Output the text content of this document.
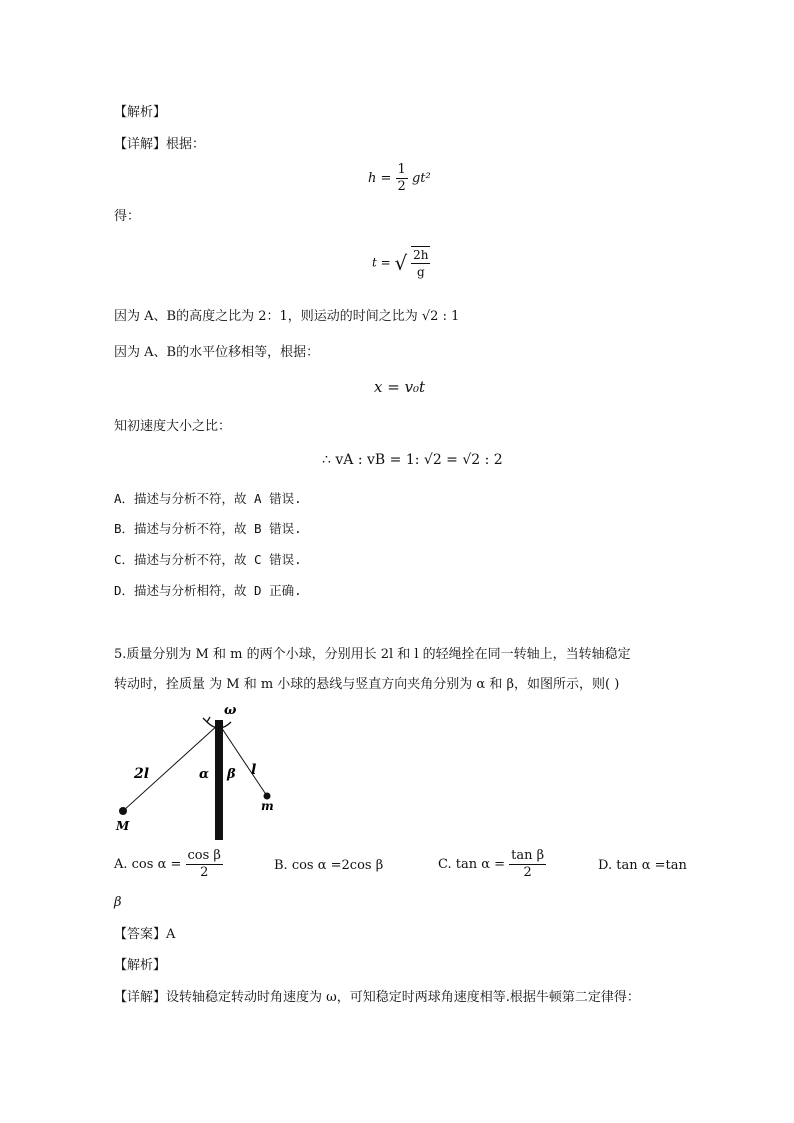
【解析】
【详解】根据：
$h = \frac{1}{2} gt^2$
得：
t = √ $\frac{2h}{g}$
因为 A、B的高度之比为 2：1，则运动的时间之比为 √2 : 1
因为 A、B的水平位移相等，根据：
x = v₀t
知初速度大小之比：
∴ vA : vB = 1: √2 = √2 : 2
A．描述与分析不符，故 A 错误.
B．描述与分析不符，故 B 错误.
C．描述与分析不符，故 C 错误.
D．描述与分析相符，故 D 正确.
5.质量分别为 M 和 m 的两个小球，分别用长 2l 和 l 的轻绳拴在同一转轴上，当转轴稳定
转动时，拴质量 为 M 和 m 小球的悬线与竖直方向夹角分别为 α 和 β，如图所示，则( )
ω
2l	l
α β
M
m
A. $\cos \alpha = \frac{\text{cos β}}{2}$	B. cos α =2cos β	C. $\tan \alpha = \frac{\text{tan β}}{2}$	D. tan α =tan
β
【答案】A
【解析】
【详解】设转轴稳定转动时角速度为 ω，可知稳定时两球角速度相等.根据牛顿第二定律得：
